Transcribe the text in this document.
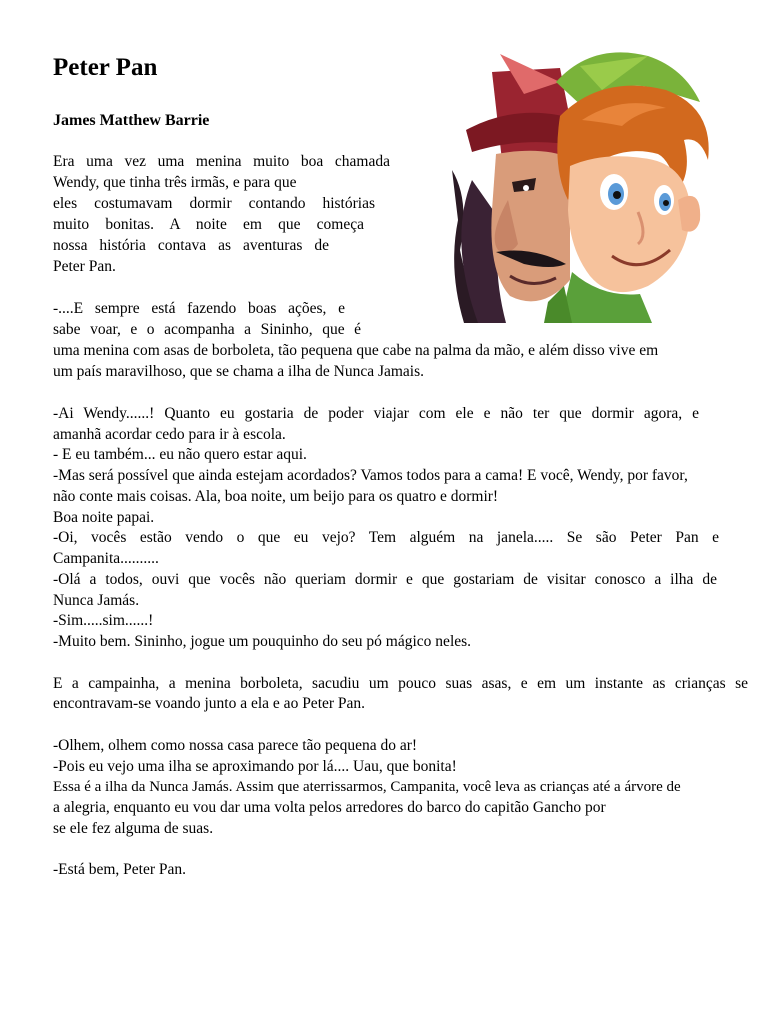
Peter Pan
James Matthew Barrie
Era uma vez uma menina muito boa chamada
Wendy, que tinha três irmãs, e para que
eles costumavam dormir contando histórias
muito bonitas. A noite em que começa
nossa história contava as aventuras de
Peter Pan.
-....E sempre está fazendo boas ações, e
sabe voar, e o acompanha a Sininho, que é
uma menina com asas de borboleta, tão pequena que cabe na palma da mão, e além disso vive em
um país maravilhoso, que se chama a ilha de Nunca Jamais.
-Ai Wendy......! Quanto eu gostaria de poder viajar com ele e não ter que dormir agora, e
amanhã acordar cedo para ir à escola.
- E eu também... eu não quero estar aqui.
-Mas será possível que ainda estejam acordados? Vamos todos para a cama! E você, Wendy, por favor,
não conte mais coisas. Ala, boa noite, um beijo para os quatro e dormir!
Boa noite papai.
-Oi, vocês estão vendo o que eu vejo? Tem alguém na janela..... Se são Peter Pan e
Campanita..........
-Olá a todos, ouvi que vocês não queriam dormir e que gostariam de visitar conosco a ilha de
Nunca Jamás.
-Sim.....sim......!
-Muito bem. Sininho, jogue um pouquinho do seu pó mágico neles.
E a campainha, a menina borboleta, sacudiu um pouco suas asas, e em um instante as crianças se
encontravam-se voando junto a ela e ao Peter Pan.
-Olhem, olhem como nossa casa parece tão pequena do ar!
-Pois eu vejo uma ilha se aproximando por lá.... Uau, que bonita!
Essa é a ilha da Nunca Jamás. Assim que aterrissarmos, Campanita, você leva as crianças até a árvore de
a alegria, enquanto eu vou dar uma volta pelos arredores do barco do capitão Gancho por
se ele fez alguma de suas.
-Está bem, Peter Pan.
